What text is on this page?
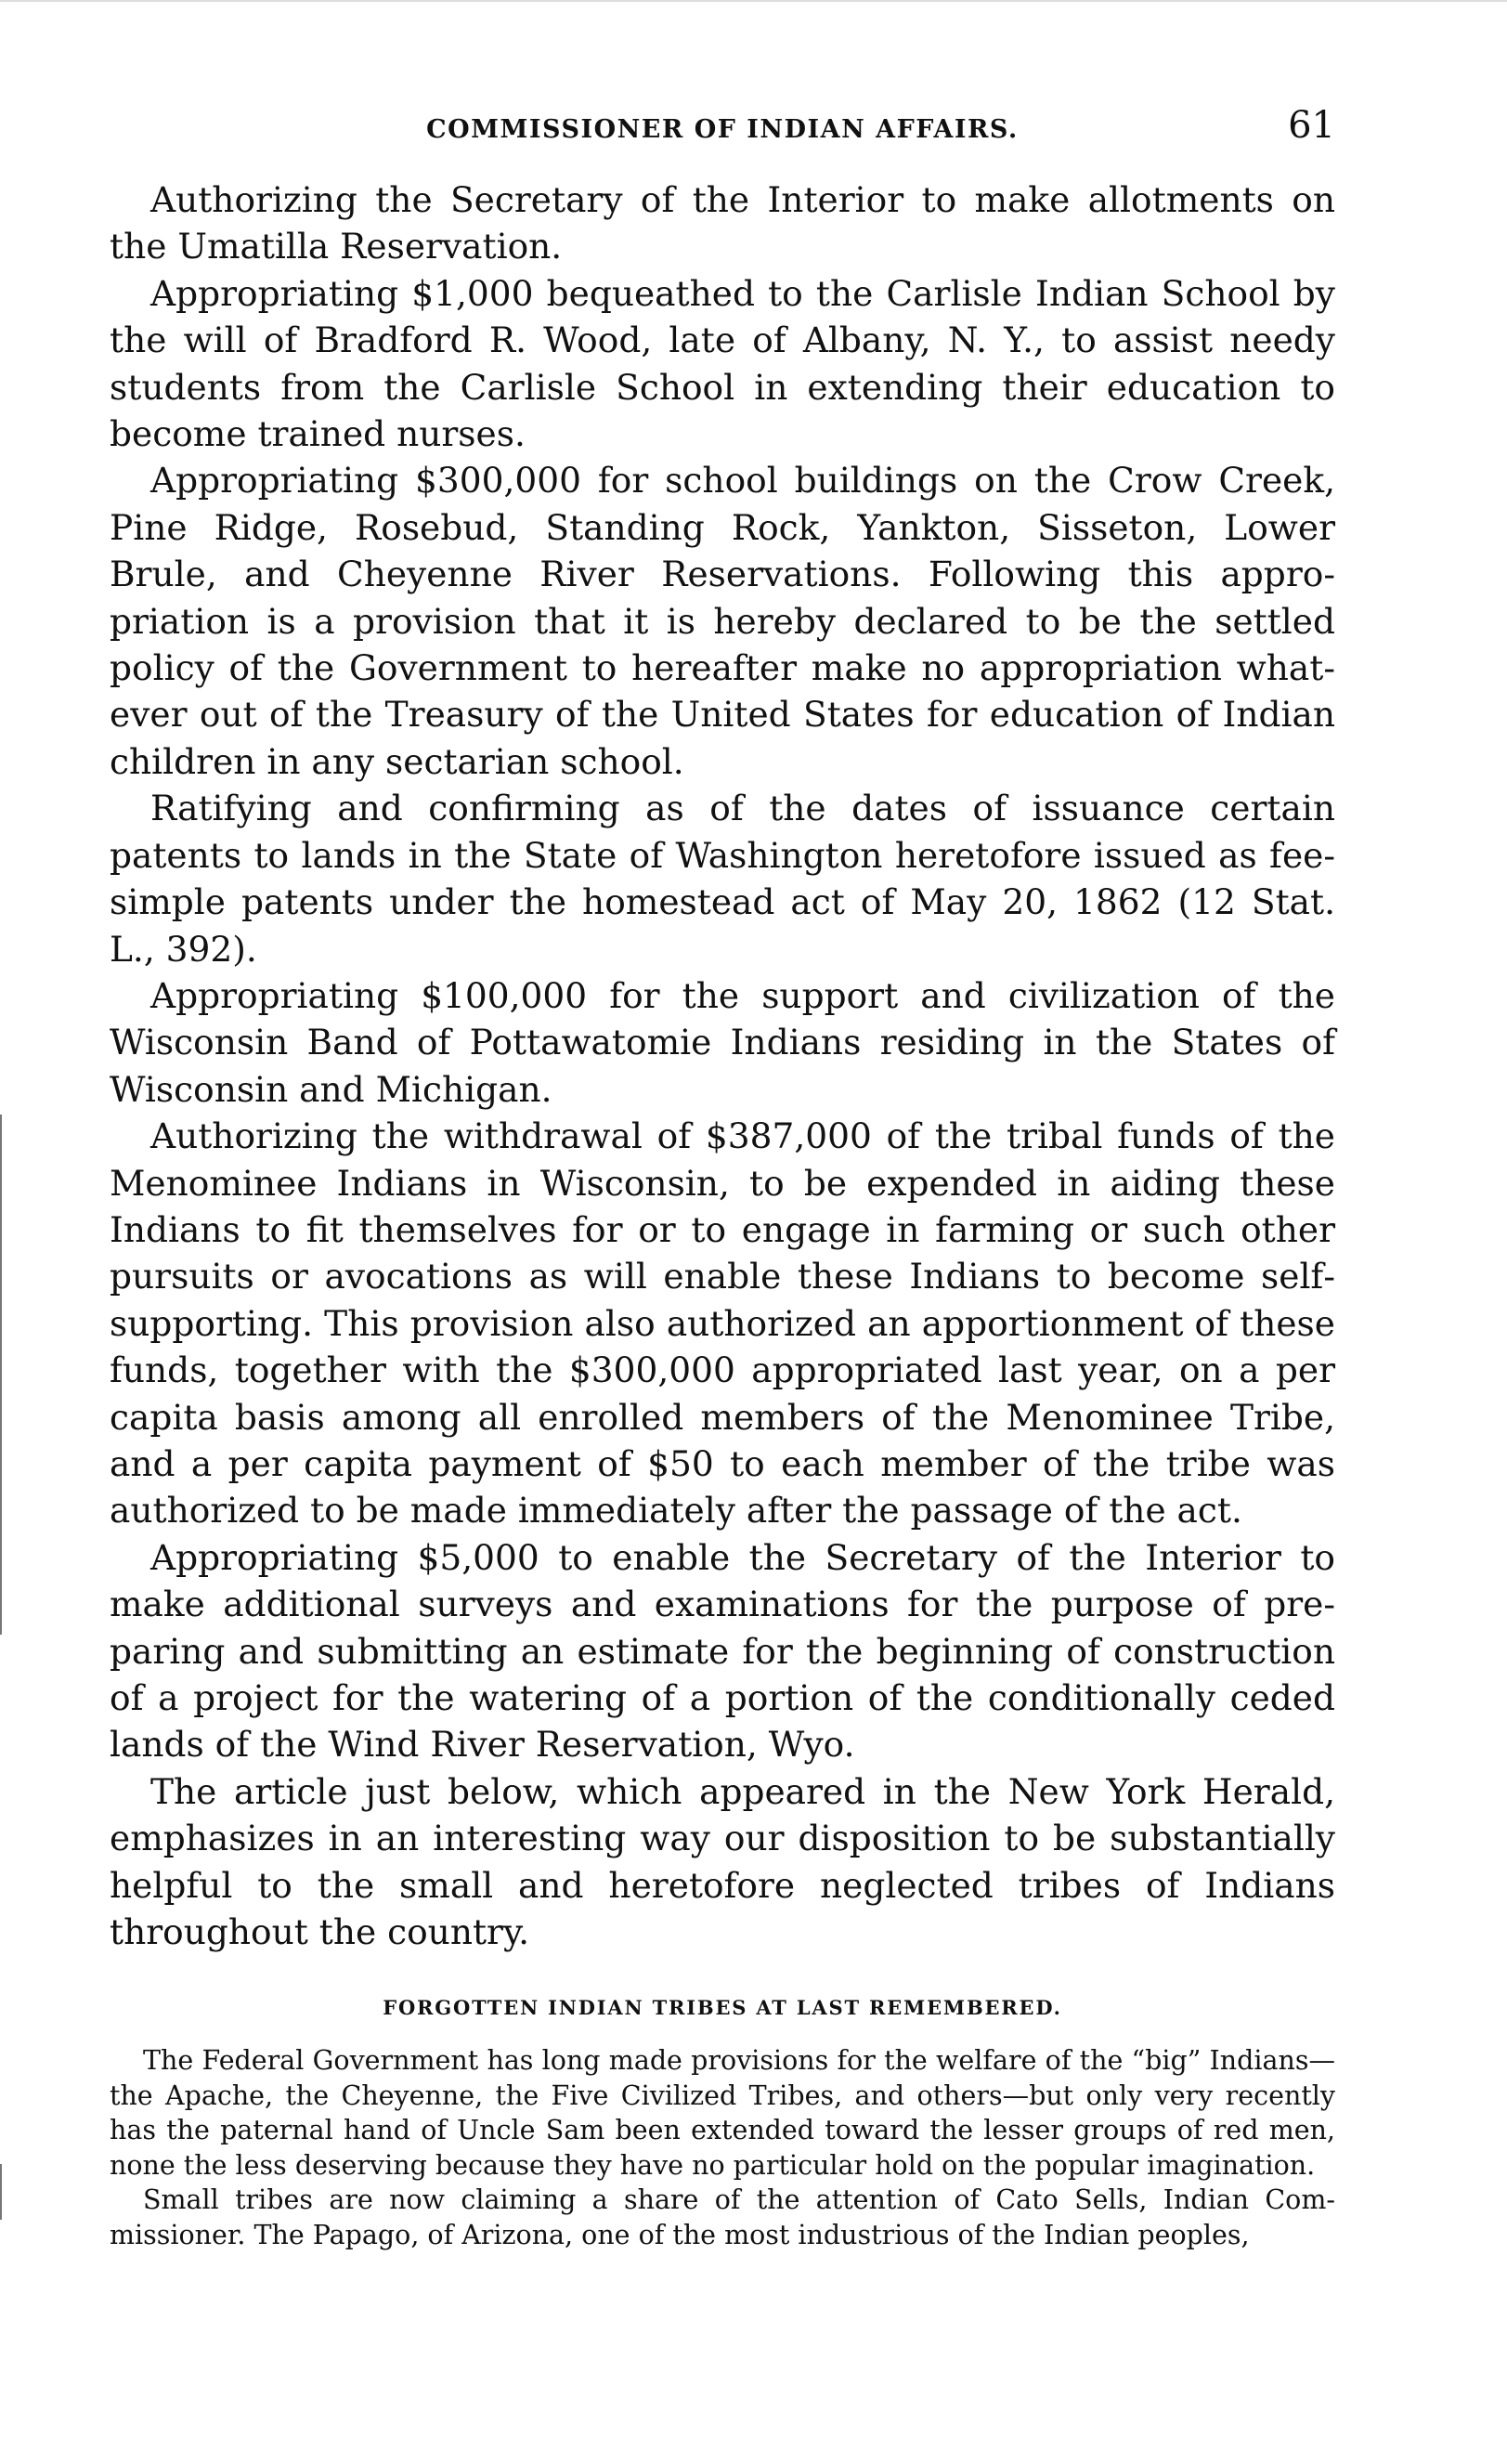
COMMISSIONER OF INDIAN AFFAIRS.	61

Authorizing the Secretary of the Interior to make allotments on the Umatilla Reservation.

Appropriating $1,000 bequeathed to the Carlisle Indian School by the will of Bradford R. Wood, late of Albany, N. Y., to assist needy students from the Carlisle School in extending their education to become trained nurses.

Appropriating $300,000 for school buildings on the Crow Creek, Pine Ridge, Rosebud, Standing Rock, Yankton, Sisseton, Lower Brule, and Cheyenne River Reservations. Following this appropriation is a provision that it is hereby declared to be the settled policy of the Government to hereafter make no appropriation whatever out of the Treasury of the United States for education of Indian children in any sectarian school.

Ratifying and confirming as of the dates of issuance certain patents to lands in the State of Washington heretofore issued as fee-simple patents under the homestead act of May 20, 1862 (12 Stat. L., 392).

Appropriating $100,000 for the support and civilization of the Wisconsin Band of Pottawatomie Indians residing in the States of Wisconsin and Michigan.

Authorizing the withdrawal of $387,000 of the tribal funds of the Menominee Indians in Wisconsin, to be expended in aiding these Indians to fit themselves for or to engage in farming or such other pursuits or avocations as will enable these Indians to become selfsupporting. This provision also authorized an apportionment of these funds, together with the $300,000 appropriated last year, on a per capita basis among all enrolled members of the Menominee Tribe, and a per capita payment of $50 to each member of the tribe was authorized to be made immediately after the passage of the act.

Appropriating $5,000 to enable the Secretary of the Interior to make additional surveys and examinations for the purpose of preparing and submitting an estimate for the beginning of construction of a project for the watering of a portion of the conditionally ceded lands of the Wind River Reservation, Wyo.

The article just below, which appeared in the New York Herald, emphasizes in an interesting way our disposition to be substantially helpful to the small and heretofore neglected tribes of Indians throughout the country.

FORGOTTEN INDIAN TRIBES AT LAST REMEMBERED.

The Federal Government has long made provisions for the welfare of the “big” Indians—the Apache, the Cheyenne, the Five Civilized Tribes, and others—but only very recently has the paternal hand of Uncle Sam been extended toward the lesser groups of red men, none the less deserving because they have no particular hold on the popular imagination.

Small tribes are now claiming a share of the attention of Cato Sells, Indian Commissioner. The Papago, of Arizona, one of the most industrious of the Indian peoples,
